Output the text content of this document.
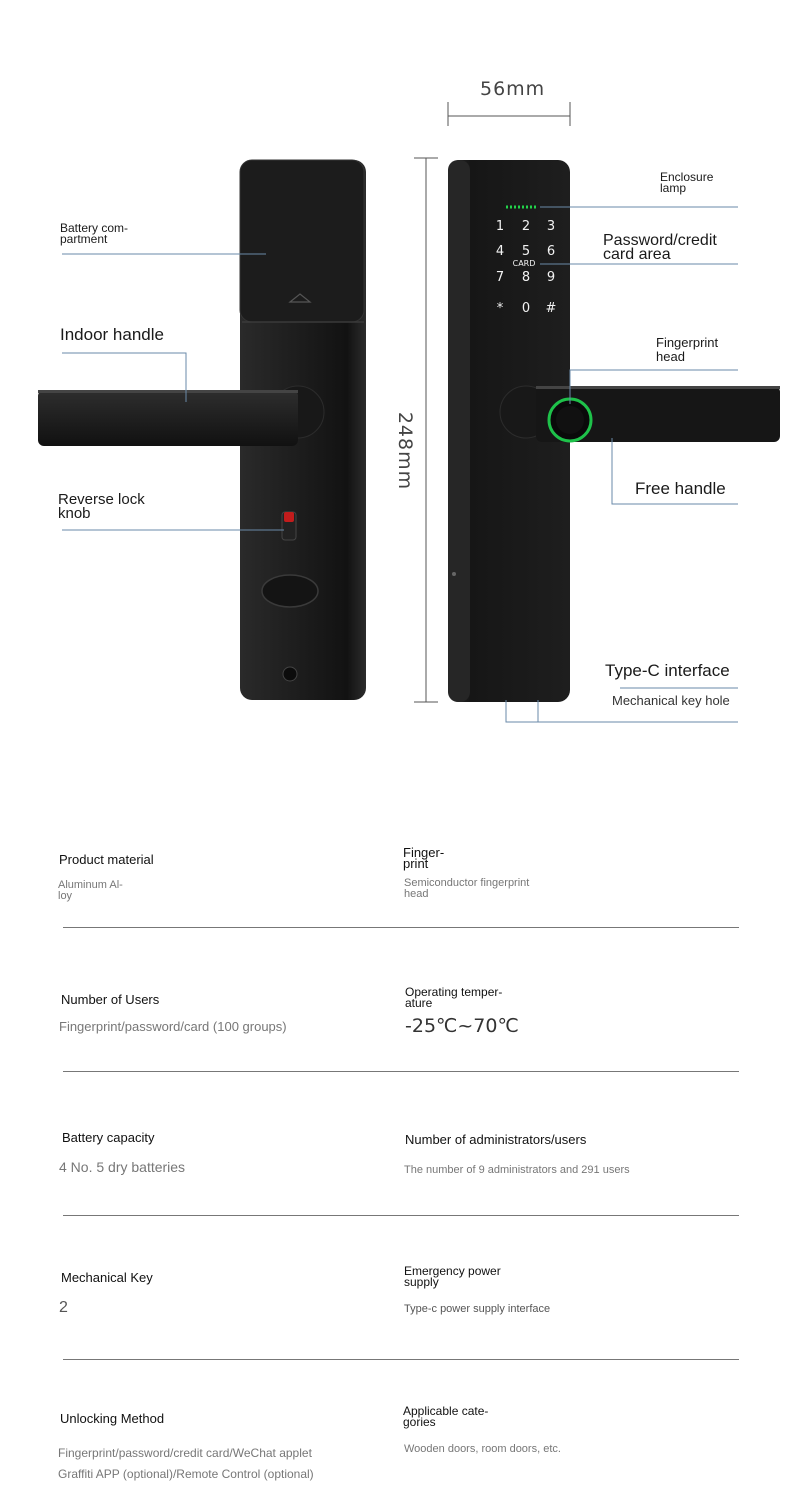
56mm
248mm
1 2 3
4 5 6
CARD
7 8 9
* 0 #
Battery com-
partment
Indoor handle
Reverse lock
knob
Enclosure
lamp
Password/credit
card area
Fingerprint
head
Free handle
Type-C interface
Mechanical key hole
Product material
Aluminum Al-
loy
Finger-
print
Semiconductor fingerprint
head
Number of Users
Fingerprint/password/card (100 groups)
Operating temper-
ature
-25℃~70℃
Battery capacity
4 No. 5 dry batteries
Number of administrators/users
The number of 9 administrators and 291 users
Mechanical Key
2
Emergency power
supply
Type-c power supply interface
Unlocking Method
Fingerprint/password/credit card/WeChat applet
Graffiti APP (optional)/Remote Control (optional)
Applicable cate-
gories
Wooden doors, room doors, etc.
